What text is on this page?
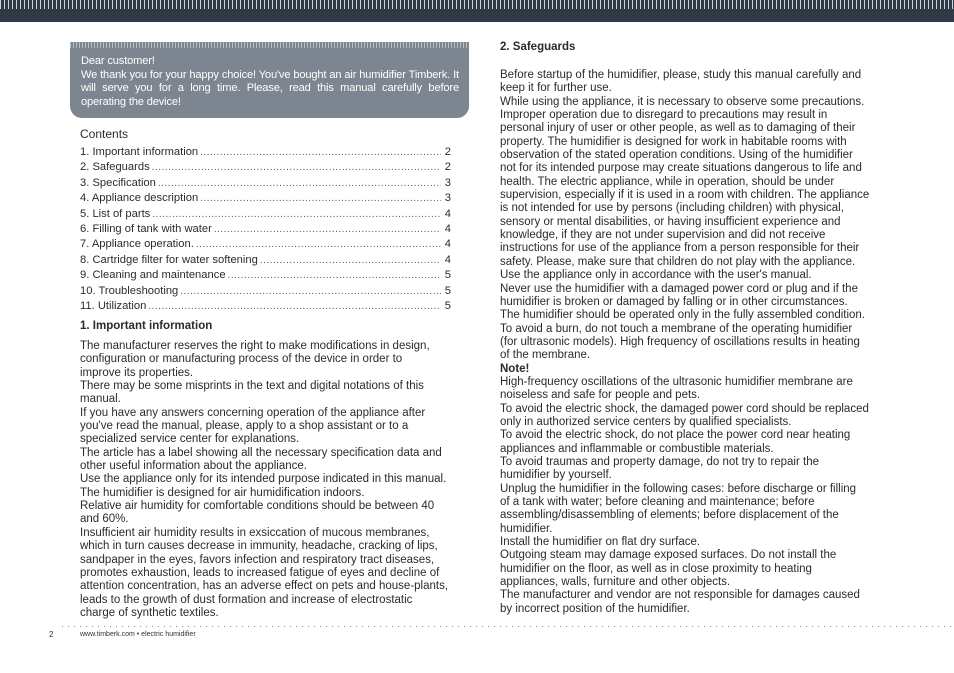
Dear customer!
We thank you for your happy choice! You've bought an air humidifier Timberk. It will serve you for a long time. Please, read this manual carefully before operating the device!
Contents
1. Important information .....	2
2. Safeguards .....	2
3. Specification .....	3
4. Appliance description .....	3
5. List of parts .....	4
6. Filling of tank with water .....	4
7. Appliance operation. .....	4
8. Cartridge filter for water softening .....	4
9. Cleaning and maintenance .....	5
10. Troubleshooting .....	5
11. Utilization .....	5
1. Important information
The manufacturer reserves the right to make modifications in design,
configuration or manufacturing process of the device in order to
improve its properties.
There may be some misprints in the text and digital notations of this
manual.
If you have any answers concerning operation of the appliance after
you've read the manual, please, apply to a shop assistant or to a
specialized service center for explanations.
The article has a label showing all the necessary specification data and
other useful information about the appliance.
Use the appliance only for its intended purpose indicated in this manual.
The humidifier is designed for air humidification indoors.
Relative air humidity for comfortable conditions should be between 40
and 60%.
Insufficient air humidity results in exsiccation of mucous membranes,
which in turn causes decrease in immunity, headache, cracking of lips,
sandpaper in the eyes, favors infection and respiratory tract diseases,
promotes exhaustion, leads to increased fatigue of eyes and decline of
attention concentration, has an adverse effect on pets and house-plants,
leads to the growth of dust formation and increase of electrostatic
charge of synthetic textiles.
2. Safeguards
Before startup of the humidifier, please, study this manual carefully and
keep it for further use.
While using the appliance, it is necessary to observe some precautions.
Improper operation due to disregard to precautions may result in
personal injury of user or other people, as well as to damaging of their
property. The humidifier is designed for work in habitable rooms with
observation of the stated operation conditions. Using of the humidifier
not for its intended purpose may create situations dangerous to life and
health. The electric appliance, while in operation, should be under
supervision, especially if it is used in a room with children. The appliance
is not intended for use by persons (including children) with physical,
sensory or mental disabilities, or having insufficient experience and
knowledge, if they are not under supervision and did not receive
instructions for use of the appliance from a person responsible for their
safety. Please, make sure that children do not play with the appliance.
Use the appliance only in accordance with the user's manual.
Never use the humidifier with a damaged power cord or plug and if the
humidifier is broken or damaged by falling or in other circumstances.
The humidifier should be operated only in the fully assembled condition.
To avoid a burn, do not touch a membrane of the operating humidifier
(for ultrasonic models). High frequency of oscillations results in heating
of the membrane.
Note!
High-frequency oscillations of the ultrasonic humidifier membrane are
noiseless and safe for people and pets.
To avoid the electric shock, the damaged power cord should be replaced
only in authorized service centers by qualified specialists.
To avoid the electric shock, do not place the power cord near heating
appliances and inflammable or combustible materials.
To avoid traumas and property damage, do not try to repair the
humidifier by yourself.
Unplug the humidifier in the following cases: before discharge or filling
of a tank with water; before cleaning and maintenance; before
assembling/disassembling of elements; before displacement of the
humidifier.
Install the humidifier on flat dry surface.
Outgoing steam may damage exposed surfaces. Do not install the
humidifier on the floor, as well as in close proximity to heating
appliances, walls, furniture and other objects.
The manufacturer and vendor are not responsible for damages caused
by incorrect position of the humidifier.
2	www.timberk.com • electric humidifier
